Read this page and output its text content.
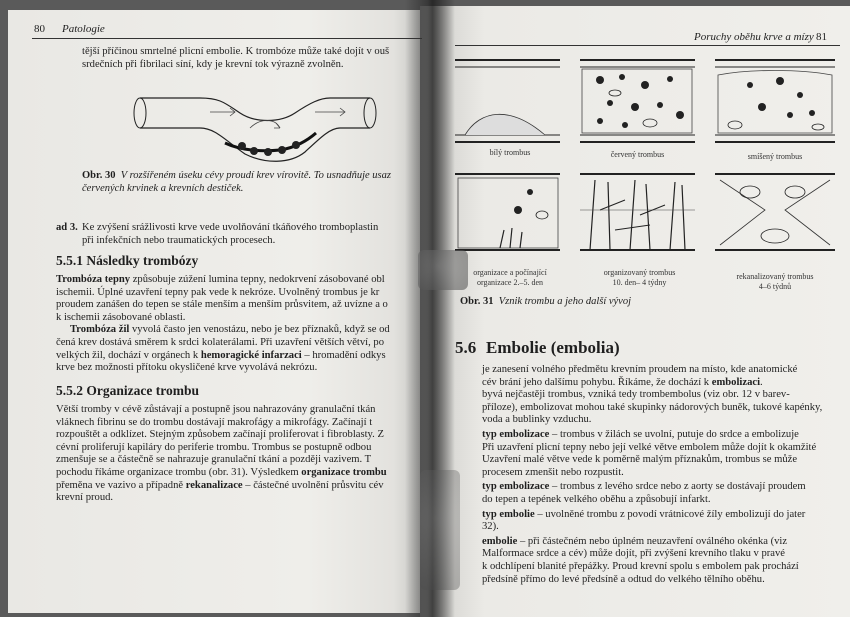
80 Patologie

tější příčinou smrtelné plicní embolie. K trombóze může také dojít v ouš

srdečních při fibrilaci síní, kdy je krevní tok výrazně zvolněn.

Obr. 30 V rozšířeném úseku cévy proudí krev vírovitě. To usnadňuje usaz
červených krvinek a krevních destiček.
ad 3. Ke zvýšení srážlivosti krve vede uvolňování tkáňového tromboplastin

při infekčních nebo traumatických procesech.

5.5.1 Následky trombózy

Trombóza tepny způsobuje zúžení lumina tepny, nedokrvení zásobované obl

ischemii. Úplné uzavření tepny pak vede k nekróze. Uvolněný trombus je kr

proudem zanášen do tepen se stále menším a menším průsvitem, až uvízne a o

k ischemii zásobované oblasti.

Trombóza žil vyvolá často jen venostázu, nebo je bez příznaků, když se od

čená krev dostává směrem k srdci kolaterálami. Při uzavření větších větví, po

velkých žil, dochází v orgánech k hemoragické infarzaci – hromadění odkys

krve bez možnosti přítoku okysličené krve vyvolává nekrózu.

5.5.2 Organizace trombu

Větší tromby v cévě zůstávají a postupně jsou nahrazovány granulační tkán

vláknech fibrinu se do trombu dostávají makrofágy a mikrofágy. Začínají t

rozpouštět a odklízet. Stejným způsobem začínají proliferovat i fibroblasty. Z

cévní proliferují kapiláry do periferie trombu. Trombus se postupně odbou

zmenšuje se a částečně se nahrazuje granulační tkání a později vazivem. T

pochodu říkáme organizace trombu (obr. 31). Výsledkem organizace trombu

přeměna ve vazivo a případně rekanalizace – částečné uvolnění průsvitu cév

krevní proud.

Poruchy oběhu krve a mízy 81
bílý trombus	červený trombus	smíšený trombus
organizace a počínající
organizace 2.–5. den
organizovaný trombus
10. den– 4 týdny
rekanalizovaný trombus
4–6 týdnů
Obr. 31 Vznik trombu a jeho další vývoj
5.6 Embolie (embolia)

je zanesení volného předmětu krevním proudem na místo, kde anatomické

cév brání jeho dalšímu pohybu. Říkáme, že dochází k embolizaci.

byvá nejčastěji trombus, vzniká tedy trombembolus (viz obr. 12 v barev-

příloze), embolizovat mohou také skupinky nádorových buněk, tukové kapénky,

voda a bublinky vzduchu.

typ embolizace – trombus v žilách se uvolní, putuje do srdce a embolizuje

Při uzavření plicní tepny nebo její velké větve embolem může dojít k okamžité

Uzavření malé větve vede k poměrně malým příznakům, trombus se může

procesem zmenšit nebo rozpustit.

typ embolizace – trombus z levého srdce nebo z aorty se dostávají proudem

do tepen a tepének velkého oběhu a způsobují infarkt.

typ embolie – uvolněné trombu z povodí vrátnicové žíly embolizují do jater

32).

embolie – při částečném nebo úplném neuzavření oválného okénka (viz

Malformace srdce a cév) může dojít, při zvýšení krevního tlaku v pravé

k odchlípení blanité přepážky. Proud krevní spolu s embolem pak prochází

předsíně přímo do levé předsíně a odtud do velkého tělního oběhu.
